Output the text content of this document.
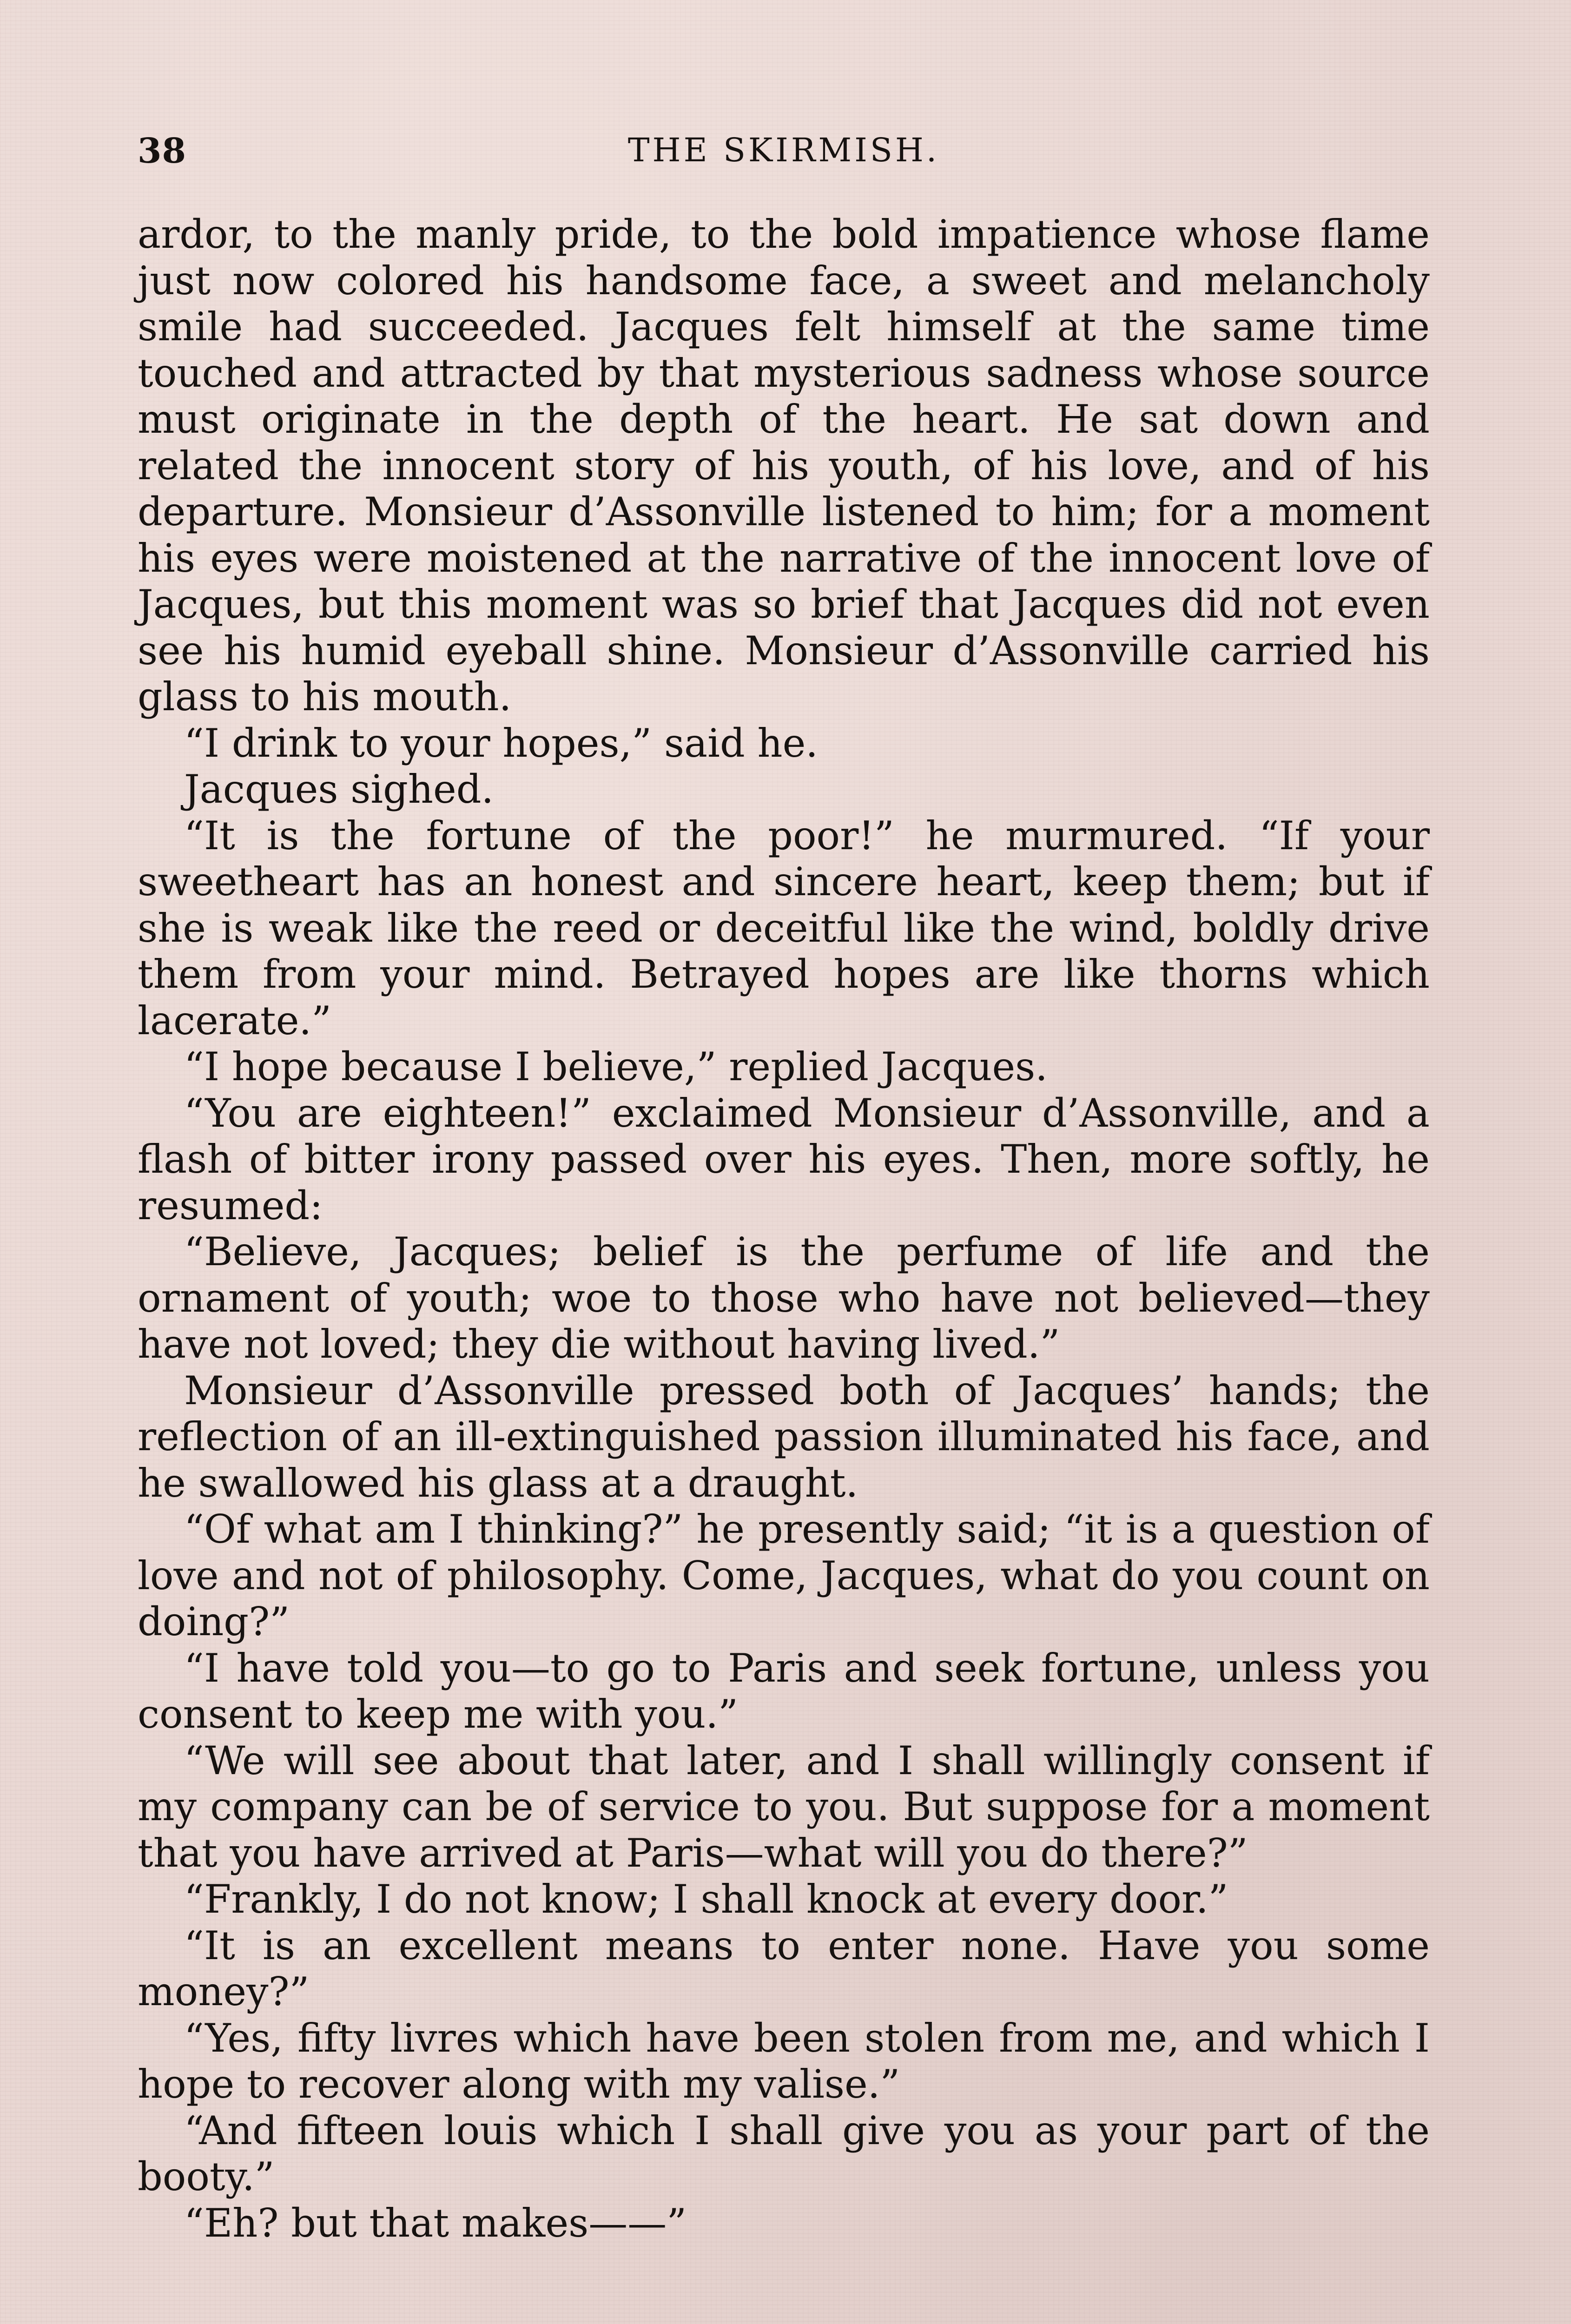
38	THE SKIRMISH.

ardor, to the manly pride, to the bold impatience whose flame just now colored his handsome face, a sweet and melancholy smile had succeeded. Jacques felt himself at the same time touched and attracted by that mysterious sadness whose source must originate in the depth of the heart. He sat down and related the innocent story of his youth, of his love, and of his departure. Monsieur d’Assonville listened to him; for a moment his eyes were moistened at the narrative of the innocent love of Jacques, but this moment was so brief that Jacques did not even see his humid eyeball shine. Monsieur d’Assonville carried his glass to his mouth.

“I drink to your hopes,” said he.

Jacques sighed.

“It is the fortune of the poor!” he murmured. “If your sweetheart has an honest and sincere heart, keep them; but if she is weak like the reed or deceitful like the wind, boldly drive them from your mind. Betrayed hopes are like thorns which lacerate.”

“I hope because I believe,” replied Jacques.

“You are eighteen!” exclaimed Monsieur d’Assonville, and a flash of bitter irony passed over his eyes. Then, more softly, he resumed:

“Believe, Jacques; belief is the perfume of life and the ornament of youth; woe to those who have not believed—they have not loved; they die without having lived.”

Monsieur d’Assonville pressed both of Jacques’ hands; the reflection of an ill-extinguished passion illuminated his face, and he swallowed his glass at a draught.

“Of what am I thinking?” he presently said; “it is a question of love and not of philosophy. Come, Jacques, what do you count on doing?”

“I have told you—to go to Paris and seek fortune, unless you consent to keep me with you.”

“We will see about that later, and I shall willingly consent if my company can be of service to you. But suppose for a moment that you have arrived at Paris—what will you do there?”

“Frankly, I do not know; I shall knock at every door.”

“It is an excellent means to enter none. Have you some money?”

“Yes, fifty livres which have been stolen from me, and which I hope to recover along with my valise.”

“And fifteen louis which I shall give you as your part of the booty.”

“Eh? but that makes——”
